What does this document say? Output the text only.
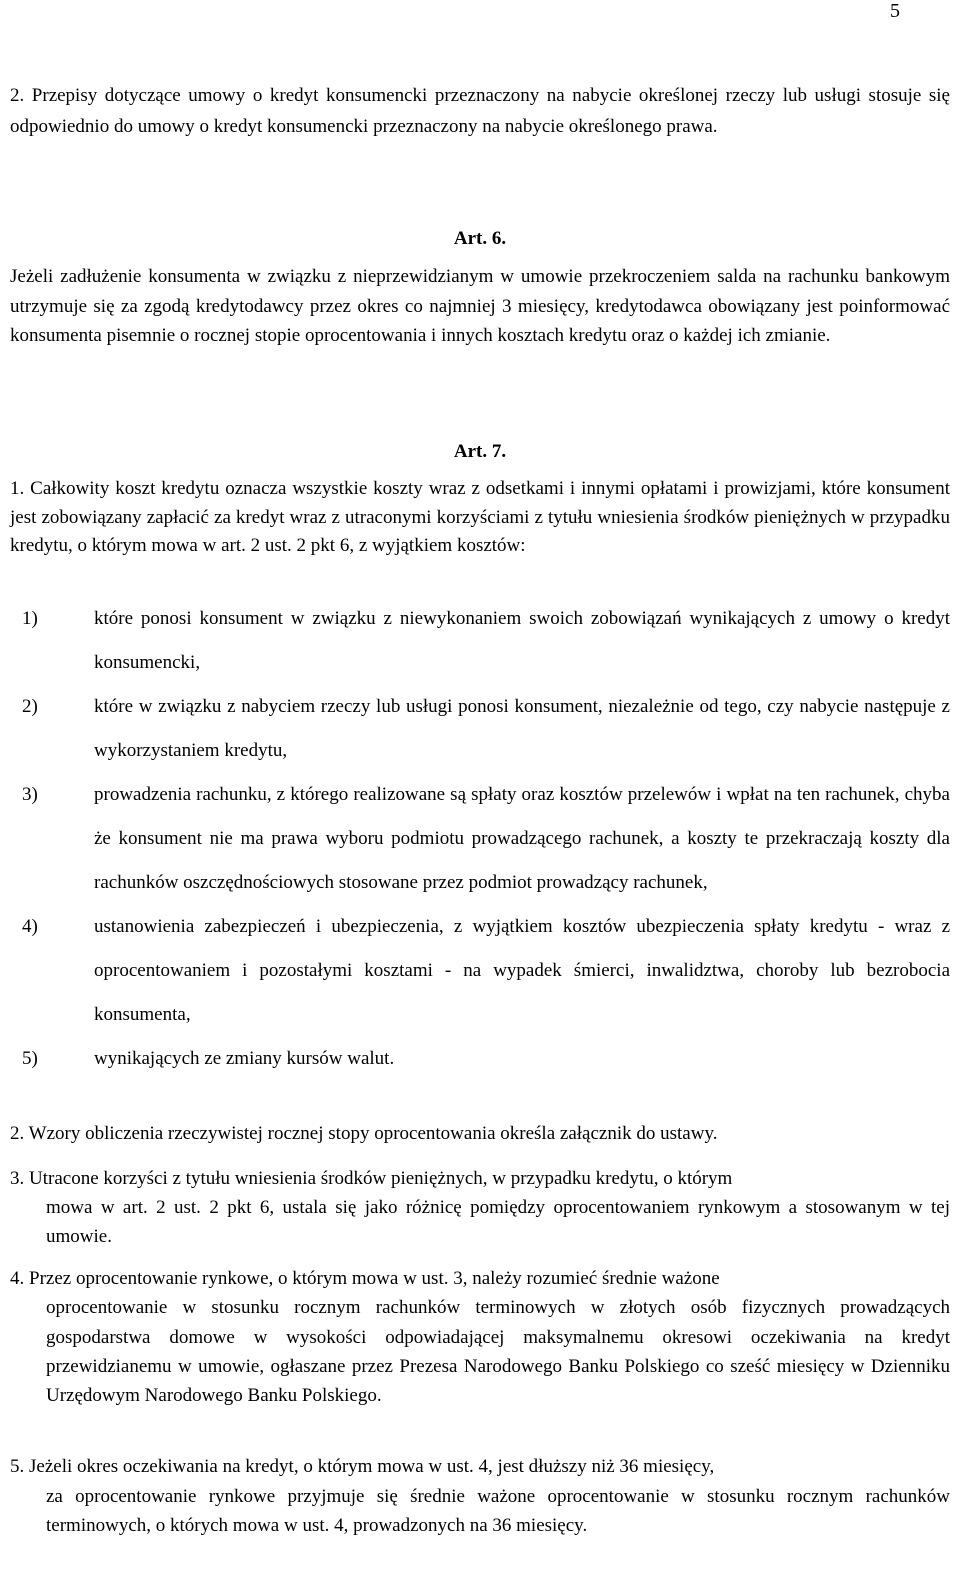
5

2. Przepisy dotyczące umowy o kredyt konsumencki przeznaczony na nabycie określonej rzeczy lub usługi stosuje się odpowiednio do umowy o kredyt konsumencki przeznaczony na nabycie określonego prawa.

Art. 6.

Jeżeli zadłużenie konsumenta w związku z nieprzewidzianym w umowie przekroczeniem salda na rachunku bankowym utrzymuje się za zgodą kredytodawcy przez okres co najmniej 3 miesięcy, kredytodawca obowiązany jest poinformować konsumenta pisemnie o rocznej stopie oprocentowania i innych kosztach kredytu oraz o każdej ich zmianie.

Art. 7.

1. Całkowity koszt kredytu oznacza wszystkie koszty wraz z odsetkami i innymi opłatami i prowizjami, które konsument jest zobowiązany zapłacić za kredyt wraz z utraconymi korzyściami z tytułu wniesienia środków pieniężnych w przypadku kredytu, o którym mowa w art. 2 ust. 2 pkt 6, z wyjątkiem kosztów:

1)	które ponosi konsument w związku z niewykonaniem swoich zobowiązań wynikających z umowy o kredyt konsumencki,
2)	które w związku z nabyciem rzeczy lub usługi ponosi konsument, niezależnie od tego, czy nabycie następuje z wykorzystaniem kredytu,
3)	prowadzenia rachunku, z którego realizowane są spłaty oraz kosztów przelewów i wpłat na ten rachunek, chyba że konsument nie ma prawa wyboru podmiotu prowadzącego rachunek, a koszty te przekraczają koszty dla rachunków oszczędnościowych stosowane przez podmiot prowadzący rachunek,
4)	ustanowienia zabezpieczeń i ubezpieczenia, z wyjątkiem kosztów ubezpieczenia spłaty kredytu - wraz z oprocentowaniem i pozostałymi kosztami - na wypadek śmierci, inwalidztwa, choroby lub bezrobocia konsumenta,
5)	wynikających ze zmiany kursów walut.

2. Wzory obliczenia rzeczywistej rocznej stopy oprocentowania określa załącznik do ustawy.

3. Utracone korzyści z tytułu wniesienia środków pieniężnych, w przypadku kredytu, o którym
mowa w art. 2 ust. 2 pkt 6, ustala się jako różnicę pomiędzy oprocentowaniem rynkowym a stosowanym w tej umowie.
4. Przez oprocentowanie rynkowe, o którym mowa w ust. 3, należy rozumieć średnie ważone
oprocentowanie w stosunku rocznym rachunków terminowych w złotych osób fizycznych prowadzących gospodarstwa domowe w wysokości odpowiadającej maksymalnemu okresowi oczekiwania na kredyt przewidzianemu w umowie, ogłaszane przez Prezesa Narodowego Banku Polskiego co sześć miesięcy w Dzienniku Urzędowym Narodowego Banku Polskiego.
5. Jeżeli okres oczekiwania na kredyt, o którym mowa w ust. 4, jest dłuższy niż 36 miesięcy,
za oprocentowanie rynkowe przyjmuje się średnie ważone oprocentowanie w stosunku rocznym rachunków terminowych, o których mowa w ust. 4, prowadzonych na 36 miesięcy.
